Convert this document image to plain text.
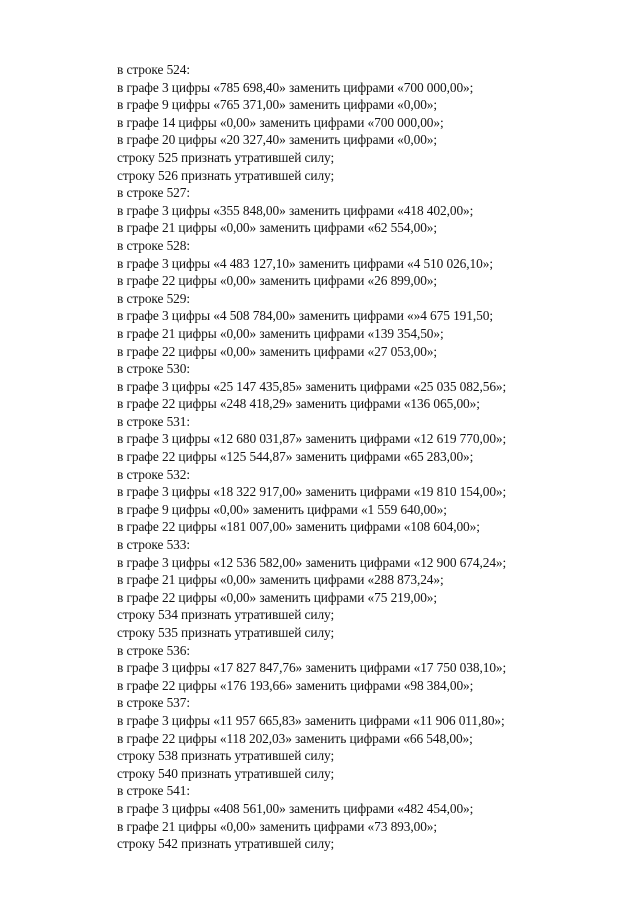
в строке 524:
в графе 3 цифры «785 698,40» заменить цифрами «700 000,00»;
в графе 9 цифры «765 371,00» заменить цифрами «0,00»;
в графе 14 цифры «0,00» заменить цифрами «700 000,00»;
в графе 20 цифры «20 327,40» заменить цифрами «0,00»;
строку 525 признать утратившей силу;
строку 526 признать утратившей силу;
в строке 527:
в графе 3 цифры «355 848,00» заменить цифрами «418 402,00»;
в графе 21 цифры «0,00» заменить цифрами «62 554,00»;
в строке 528:
в графе 3 цифры «4 483 127,10» заменить цифрами «4 510 026,10»;
в графе 22 цифры «0,00» заменить цифрами «26 899,00»;
в строке 529:
в графе 3 цифры «4 508 784,00» заменить цифрами «»4 675 191,50;
в графе 21 цифры «0,00» заменить цифрами «139 354,50»;
в графе 22 цифры «0,00» заменить цифрами «27 053,00»;
в строке 530:
в графе 3 цифры «25 147 435,85» заменить цифрами «25 035 082,56»;
в графе 22 цифры «248 418,29» заменить цифрами «136 065,00»;
в строке 531:
в графе 3 цифры «12 680 031,87» заменить цифрами «12 619 770,00»;
в графе 22 цифры «125 544,87» заменить цифрами «65 283,00»;
в строке 532:
в графе 3 цифры «18 322 917,00» заменить цифрами «19 810 154,00»;
в графе 9 цифры «0,00» заменить цифрами «1 559 640,00»;
в графе 22 цифры «181 007,00» заменить цифрами «108 604,00»;
в строке 533:
в графе 3 цифры «12 536 582,00» заменить цифрами «12 900 674,24»;
в графе 21 цифры «0,00» заменить цифрами «288 873,24»;
в графе 22 цифры «0,00» заменить цифрами «75 219,00»;
строку 534 признать утратившей силу;
строку 535 признать утратившей силу;
в строке 536:
в графе 3 цифры «17 827 847,76» заменить цифрами «17 750 038,10»;
в графе 22 цифры «176 193,66» заменить цифрами «98 384,00»;
в строке 537:
в графе 3 цифры «11 957 665,83» заменить цифрами «11 906 011,80»;
в графе 22 цифры «118 202,03» заменить цифрами «66 548,00»;
строку 538 признать утратившей силу;
строку 540 признать утратившей силу;
в строке 541:
в графе 3 цифры «408 561,00» заменить цифрами «482 454,00»;
в графе 21 цифры «0,00» заменить цифрами «73 893,00»;
строку 542 признать утратившей силу;
